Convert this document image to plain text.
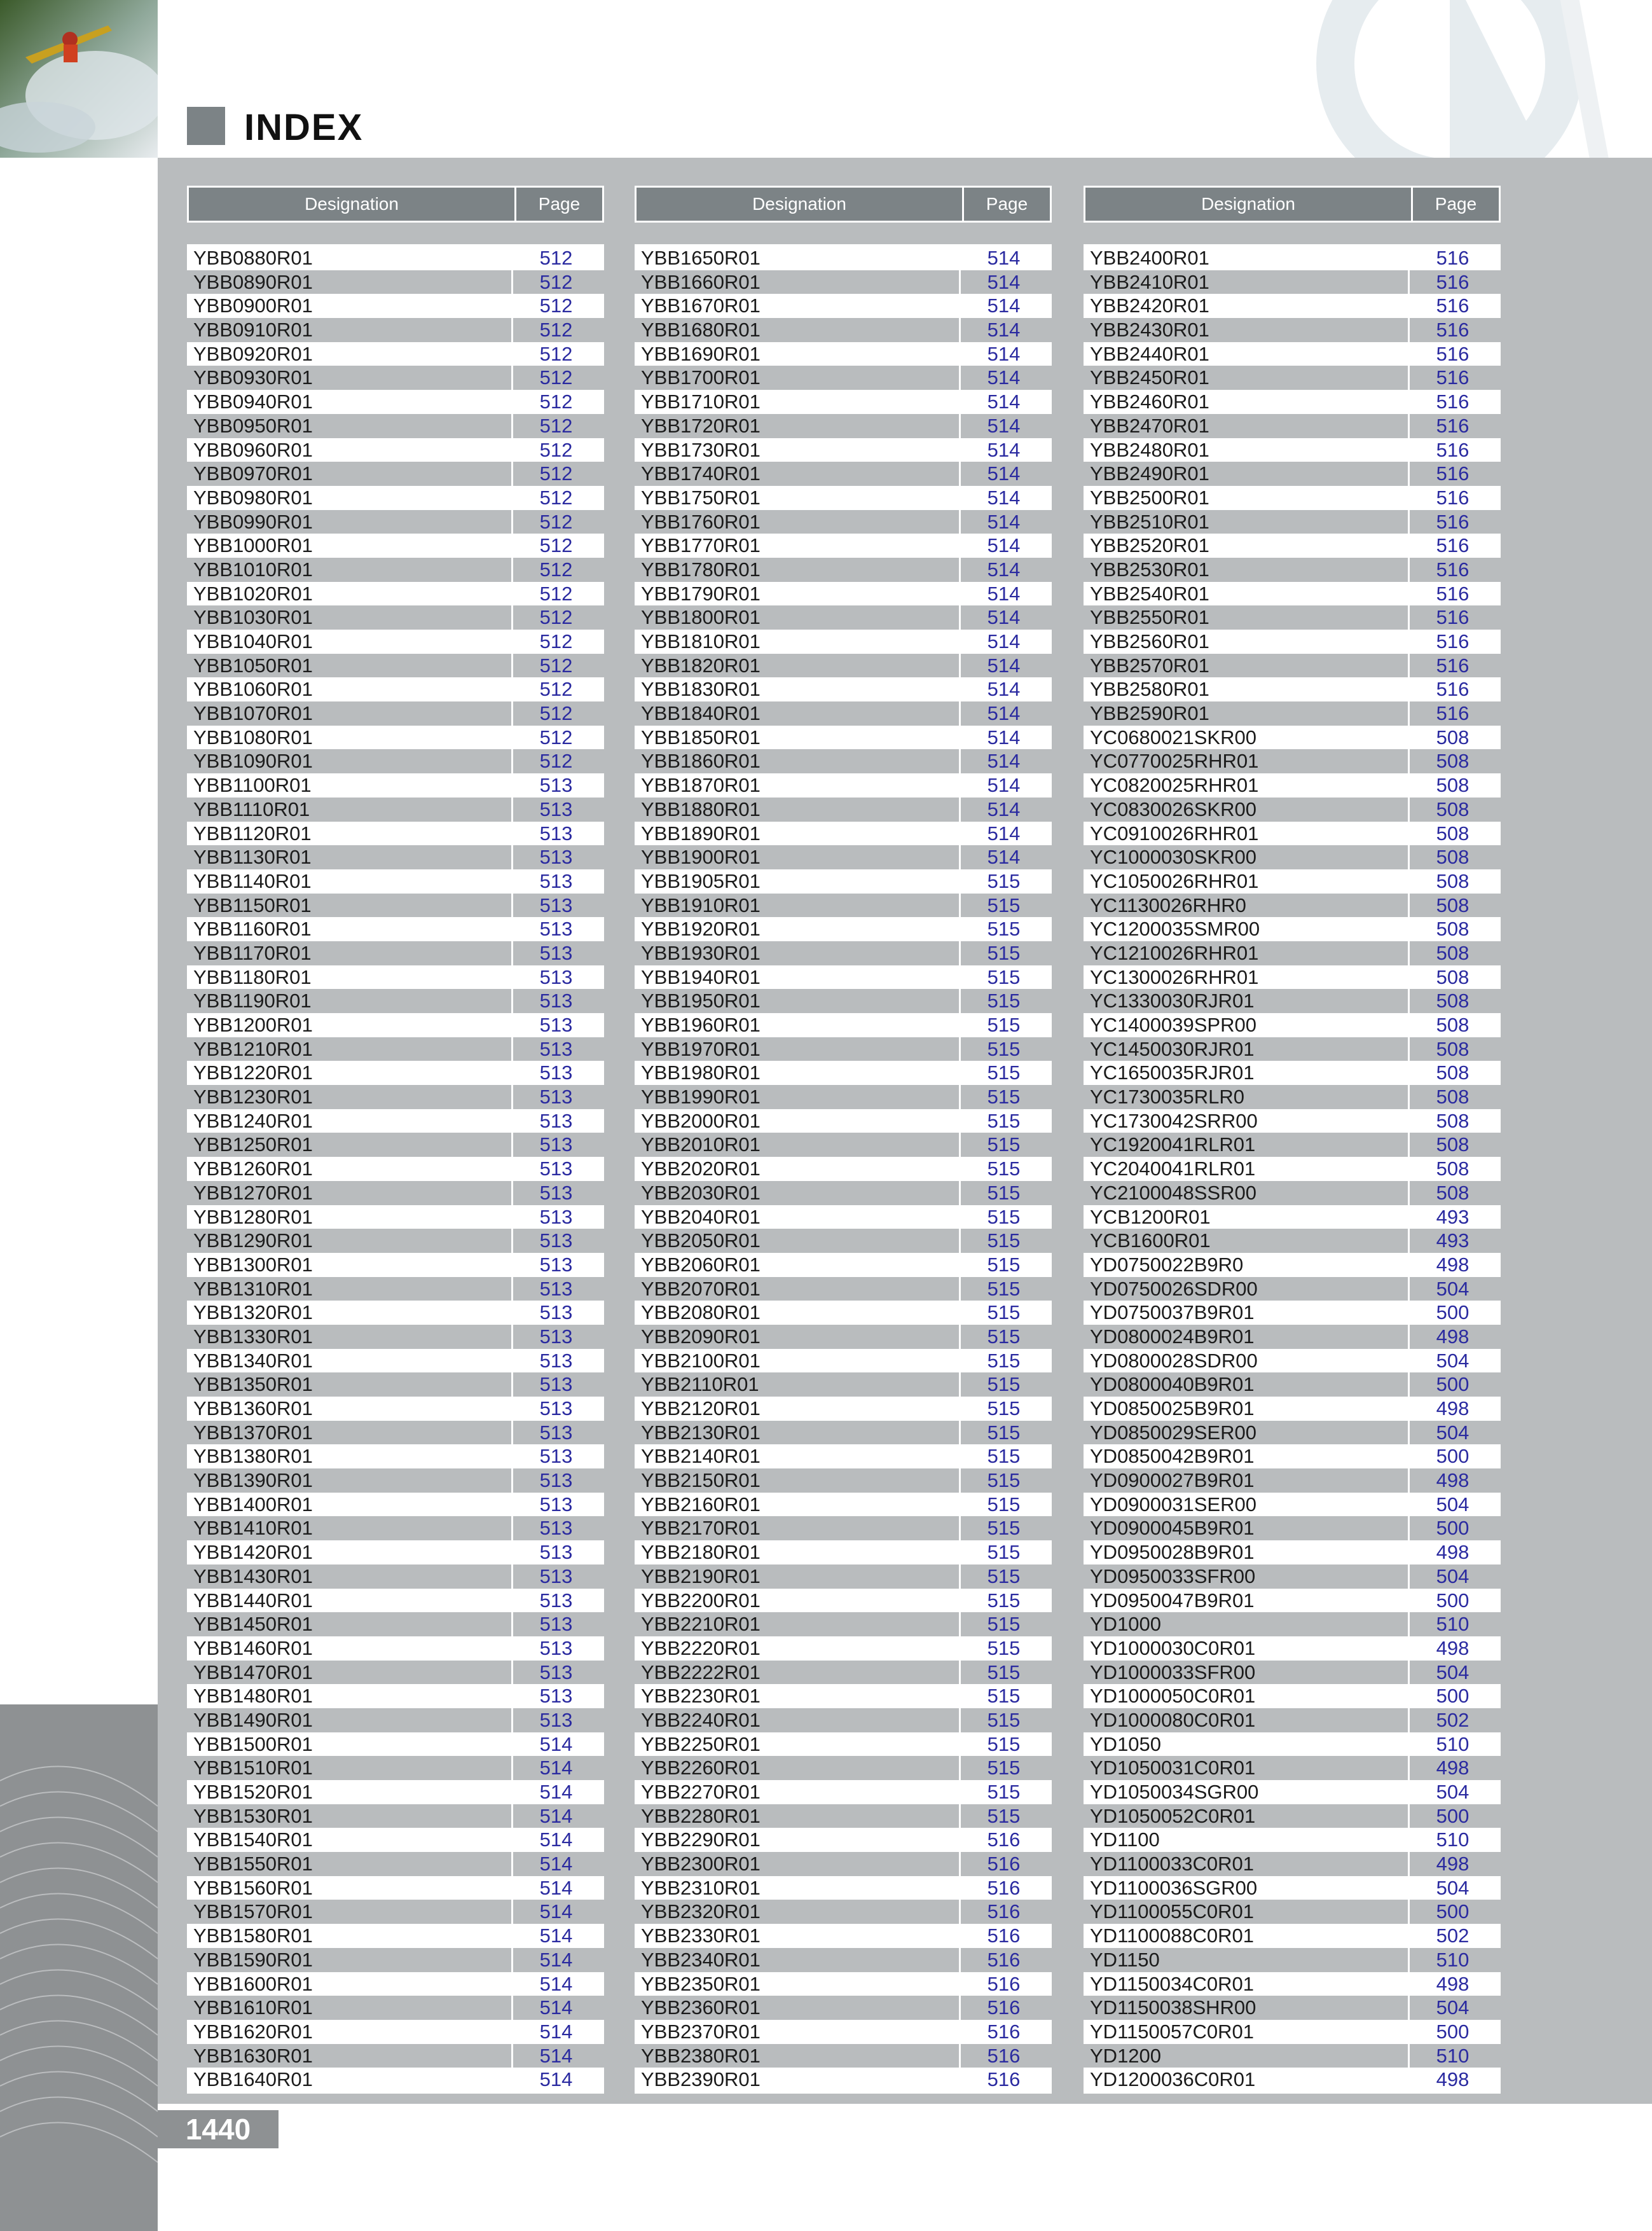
INDEX
Designation	Page	Designation	Page	Designation	Page
YBB0880R01	512
YBB0890R01	512
YBB0900R01	512
YBB0910R01	512
YBB0920R01	512
YBB0930R01	512
YBB0940R01	512
YBB0950R01	512
YBB0960R01	512
YBB0970R01	512
YBB0980R01	512
YBB0990R01	512
YBB1000R01	512
YBB1010R01	512
YBB1020R01	512
YBB1030R01	512
YBB1040R01	512
YBB1050R01	512
YBB1060R01	512
YBB1070R01	512
YBB1080R01	512
YBB1090R01	512
YBB1100R01	513
YBB1110R01	513
YBB1120R01	513
YBB1130R01	513
YBB1140R01	513
YBB1150R01	513
YBB1160R01	513
YBB1170R01	513
YBB1180R01	513
YBB1190R01	513
YBB1200R01	513
YBB1210R01	513
YBB1220R01	513
YBB1230R01	513
YBB1240R01	513
YBB1250R01	513
YBB1260R01	513
YBB1270R01	513
YBB1280R01	513
YBB1290R01	513
YBB1300R01	513
YBB1310R01	513
YBB1320R01	513
YBB1330R01	513
YBB1340R01	513
YBB1350R01	513
YBB1360R01	513
YBB1370R01	513
YBB1380R01	513
YBB1390R01	513
YBB1400R01	513
YBB1410R01	513
YBB1420R01	513
YBB1430R01	513
YBB1440R01	513
YBB1450R01	513
YBB1460R01	513
YBB1470R01	513
YBB1480R01	513
YBB1490R01	513
YBB1500R01	514
YBB1510R01	514
YBB1520R01	514
YBB1530R01	514
YBB1540R01	514
YBB1550R01	514
YBB1560R01	514
YBB1570R01	514
YBB1580R01	514
YBB1590R01	514
YBB1600R01	514
YBB1610R01	514
YBB1620R01	514
YBB1630R01	514
YBB1640R01	514
YBB1650R01	514
YBB1660R01	514
YBB1670R01	514
YBB1680R01	514
YBB1690R01	514
YBB1700R01	514
YBB1710R01	514
YBB1720R01	514
YBB1730R01	514
YBB1740R01	514
YBB1750R01	514
YBB1760R01	514
YBB1770R01	514
YBB1780R01	514
YBB1790R01	514
YBB1800R01	514
YBB1810R01	514
YBB1820R01	514
YBB1830R01	514
YBB1840R01	514
YBB1850R01	514
YBB1860R01	514
YBB1870R01	514
YBB1880R01	514
YBB1890R01	514
YBB1900R01	514
YBB1905R01	515
YBB1910R01	515
YBB1920R01	515
YBB1930R01	515
YBB1940R01	515
YBB1950R01	515
YBB1960R01	515
YBB1970R01	515
YBB1980R01	515
YBB1990R01	515
YBB2000R01	515
YBB2010R01	515
YBB2020R01	515
YBB2030R01	515
YBB2040R01	515
YBB2050R01	515
YBB2060R01	515
YBB2070R01	515
YBB2080R01	515
YBB2090R01	515
YBB2100R01	515
YBB2110R01	515
YBB2120R01	515
YBB2130R01	515
YBB2140R01	515
YBB2150R01	515
YBB2160R01	515
YBB2170R01	515
YBB2180R01	515
YBB2190R01	515
YBB2200R01	515
YBB2210R01	515
YBB2220R01	515
YBB2222R01	515
YBB2230R01	515
YBB2240R01	515
YBB2250R01	515
YBB2260R01	515
YBB2270R01	515
YBB2280R01	515
YBB2290R01	516
YBB2300R01	516
YBB2310R01	516
YBB2320R01	516
YBB2330R01	516
YBB2340R01	516
YBB2350R01	516
YBB2360R01	516
YBB2370R01	516
YBB2380R01	516
YBB2390R01	516
YBB2400R01	516
YBB2410R01	516
YBB2420R01	516
YBB2430R01	516
YBB2440R01	516
YBB2450R01	516
YBB2460R01	516
YBB2470R01	516
YBB2480R01	516
YBB2490R01	516
YBB2500R01	516
YBB2510R01	516
YBB2520R01	516
YBB2530R01	516
YBB2540R01	516
YBB2550R01	516
YBB2560R01	516
YBB2570R01	516
YBB2580R01	516
YBB2590R01	516
YC0680021SKR00	508
YC0770025RHR01	508
YC0820025RHR01	508
YC0830026SKR00	508
YC0910026RHR01	508
YC1000030SKR00	508
YC1050026RHR01	508
YC1130026RHR0	508
YC1200035SMR00	508
YC1210026RHR01	508
YC1300026RHR01	508
YC1330030RJR01	508
YC1400039SPR00	508
YC1450030RJR01	508
YC1650035RJR01	508
YC1730035RLR0	508
YC1730042SRR00	508
YC1920041RLR01	508
YC2040041RLR01	508
YC2100048SSR00	508
YCB1200R01	493
YCB1600R01	493
YD0750022B9R0	498
YD0750026SDR00	504
YD0750037B9R01	500
YD0800024B9R01	498
YD0800028SDR00	504
YD0800040B9R01	500
YD0850025B9R01	498
YD0850029SER00	504
YD0850042B9R01	500
YD0900027B9R01	498
YD0900031SER00	504
YD0900045B9R01	500
YD0950028B9R01	498
YD0950033SFR00	504
YD0950047B9R01	500
YD1000	510
YD1000030C0R01	498
YD1000033SFR00	504
YD1000050C0R01	500
YD1000080C0R01	502
YD1050	510
YD1050031C0R01	498
YD1050034SGR00	504
YD1050052C0R01	500
YD1100	510
YD1100033C0R01	498
YD1100036SGR00	504
YD1100055C0R01	500
YD1100088C0R01	502
YD1150	510
YD1150034C0R01	498
YD1150038SHR00	504
YD1150057C0R01	500
YD1200	510
YD1200036C0R01	498
1440
